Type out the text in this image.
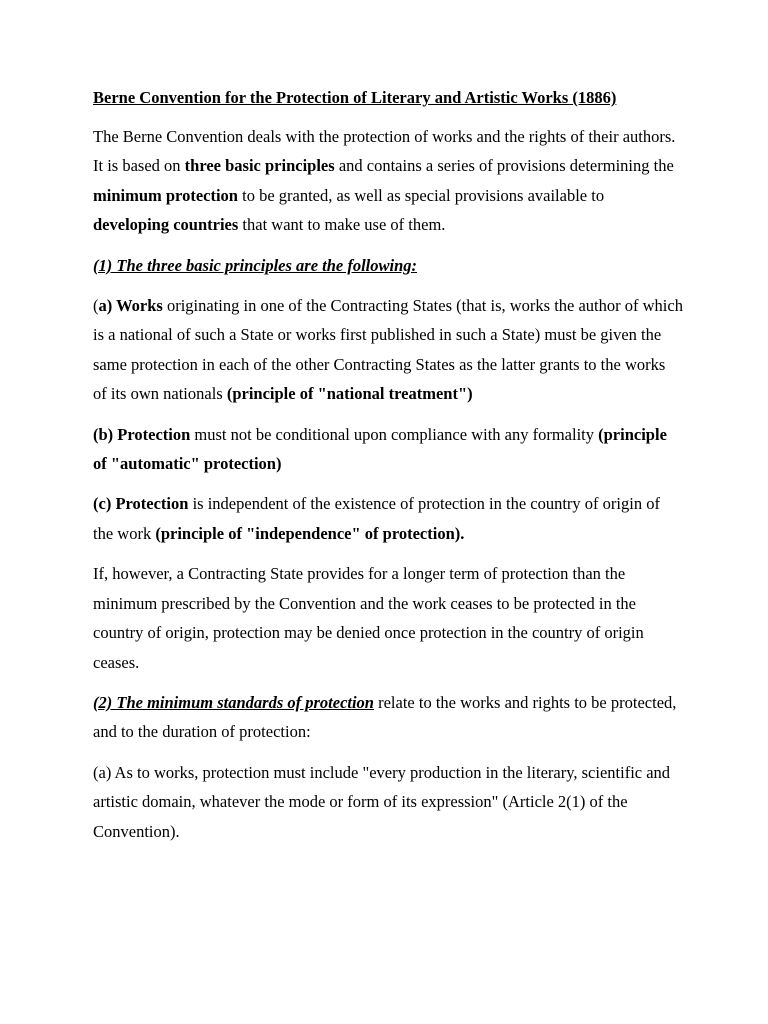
Berne Convention for the Protection of Literary and Artistic Works (1886)

The Berne Convention deals with the protection of works and the rights of their authors. It is based on three basic principles and contains a series of provisions determining the minimum protection to be granted, as well as special provisions available to developing countries that want to make use of them.

(1) The three basic principles are the following:

(a) Works originating in one of the Contracting States (that is, works the author of which is a national of such a State or works first published in such a State) must be given the same protection in each of the other Contracting States as the latter grants to the works of its own nationals (principle of "national treatment")

(b) Protection must not be conditional upon compliance with any formality (principle of "automatic" protection)

(c) Protection is independent of the existence of protection in the country of origin of the work (principle of "independence" of protection).

If, however, a Contracting State provides for a longer term of protection than the minimum prescribed by the Convention and the work ceases to be protected in the country of origin, protection may be denied once protection in the country of origin ceases.

(2) The minimum standards of protection relate to the works and rights to be protected, and to the duration of protection:

(a) As to works, protection must include "every production in the literary, scientific and artistic domain, whatever the mode or form of its expression" (Article 2(1) of the Convention).
